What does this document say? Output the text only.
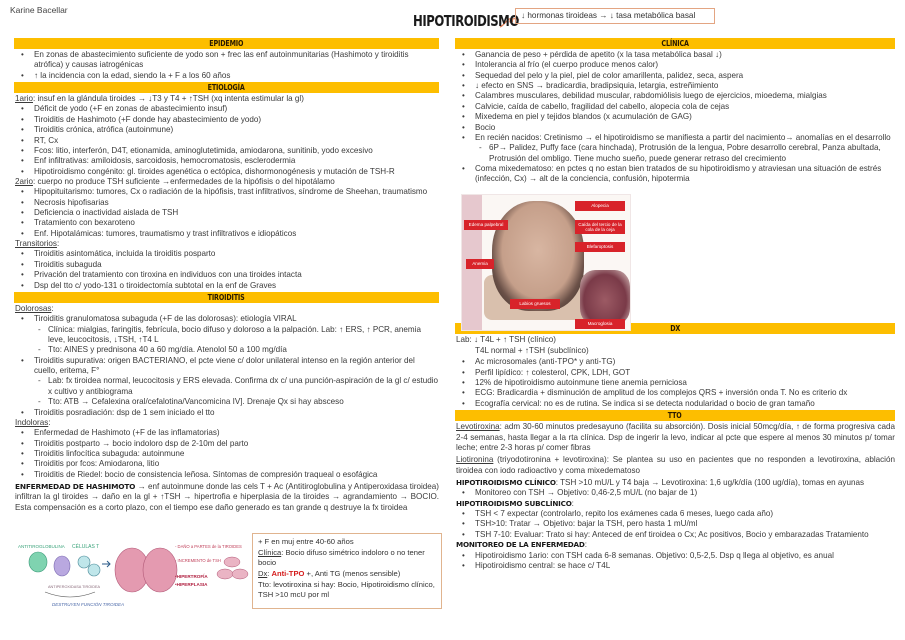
Karine Bacellar
HIPOTIROIDISMO ↓ hormonas tiroideas → ↓ tasa metabólica basal
EPIDEMIO
• En zonas de abastecimiento suficiente de yodo son + frec las enf autoinmunitarias (Hashimoto y tiroiditis atrófica) y causas iatrogénicas
• ↑ la incidencia con la edad, siendo la + F a los 60 años
ETIOLOGÍA
1ario: insuf en la glándula tiroides → ↓T3 y T4 + ↑TSH (xq intenta estimular la gl)
• Déficit de yodo (+F en zonas de abastecimiento insuf)
• Tiroiditis de Hashimoto (+F donde hay abastecimiento de yodo)
• Tiroiditis crónica, atrófica (autoinmune)
• RT, Cx
• Fcos: litio, interferón, D4T, etionamida, aminoglutetimida, amiodarona, sunitinib, yodo excesivo
• Enf infiltrativas: amiloidosis, sarcoidosis, hemocromatosis, esclerodermia
• Hipotiroidismo congénito: gl. tiroides agenética o ectópica, dishormonogénesis y mutación de TSH-R
2ario: cuerpo no produce TSH suficiente →enfermedades de la hipófisis o del hipotálamo
• Hipopituitarismo: tumores, Cx o radiación de la hipófisis, trast infiltrativos, síndrome de Sheehan, traumatismo
• Necrosis hipofisarias
• Deficiencia o inactividad aislada de TSH
• Tratamiento con bexaroteno
• Enf. Hipotalámicas: tumores, traumatismo y trast infiltrativos e idiopáticos
Transitorios:
• Tiroiditis asintomática, incluida la tiroiditis posparto
• Tiroiditis subaguda
• Privación del tratamiento con tiroxina en individuos con una tiroides intacta
• Dsp del tto c/ yodo-131 o tiroidectomía subtotal en la enf de Graves
TIROIDITIS
Dolorosas:
• Tiroiditis granulomatosa subaguda (+F de las dolorosas): etiología VIRAL
- Clínica: mialgias, faringitis, febrícula, bocio difuso y doloroso a la palpación. Lab: ↑ ERS, ↑ PCR, anemia leve, leucocitosis, ↓TSH, ↑T4 L
- Tto: AINES y prednisona 40 a 60 mg/día. Atenolol 50 a 100 mg/día
• Tiroiditis supurativa: origen BACTERIANO, el pcte viene c/ dolor unilateral intenso en la región anterior del cuello, eritema, F°
- Lab: fx tiroidea normal, leucocitosis y ERS elevada. Confirma dx c/ una punción-aspiración de la gl c/ estudio x cultivo y antibiograma
- Tto: ATB → Cefalexina oral/cefalotina/Vancomicina IV]. Drenaje Qx si hay absceso
• Tiroiditis posradiación: dsp de 1 sem iniciado el tto
Indoloras:
• Enfermedad de Hashimoto (+F de las inflamatorias)
• Tiroiditis postparto → bocio indoloro dsp de 2-10m del parto
• Tiroiditis linfocítica subaguda: autoinmune
• Tiroiditis por fcos: Amiodarona, litio
• Tiroiditis de Riedel: bocio de consistencia leñosa. Síntomas de compresión traqueal o esofágica
ENFERMEDAD DE HASHIMOTO → enf autoinmune donde las cels T + Ac (Antitiroglobulina y Antiperoxidasa tiroidea) infiltran la gl tiroides → daño en la gl + ↑TSH → hipertrofia e hiperplasia de la tiroides → agrandamiento → BOCIO. Esta compensación es a corto plazo, con el tiempo ese daño generado es tan grande q destruye la fx tiroidea
ANTITIROGLOBULINA CÉLULAS T
ANTIPEROXIDASA TIROIDEA
DESTRUYEN FUNCIÓN TIROIDEA
- DAÑO a PARTES de la TIROIDES
- INCREMENTO de TSH
•HIPERTROFÍA
•HIPERPLASIA
+ F en muj entre 40-60 años
Clínica: Bocio difuso simétrico indoloro o no tener bocio
Dx: Anti-TPO +, Anti TG (menos sensible)
Tto: levotiroxina si hay: Bocio, Hipotiroidismo clínico, TSH >10 mcU por ml
CLÍNICA
• Ganancia de peso + pérdida de apetito (x la tasa metabólica basal ↓)
• Intolerancia al frío (el cuerpo produce menos calor)
• Sequedad del pelo y la piel, piel de color amarillenta, palidez, seca, aspera
• ↓ efecto en SNS → bradicardia, bradipsiquia, letargia, estreñimiento
• Calambres musculares, debilidad muscular, rabdomiólisis luego de ejercicios, mioedema, mialgias
• Calvicie, caída de cabello, fragilidad del cabello, alopecia cola de cejas
• Mixedema en piel y tejidos blandos (x acumulación de GAG)
• Bocio
• En recién nacidos: Cretinismo → el hipotiroidismo se manifiesta a partir del nacimiento→ anomalías en el desarrollo
- 6P→ Palidez, Puffy face (cara hinchada), Protrusión de la lengua, Pobre desarrollo cerebral, Panza abultada, Protrusión del ombligo. Tiene mucho sueño, puede generar retraso del crecimiento
• Coma mixedematoso: en pctes q no estan bien tratados de su hipotiroidismo y atraviesan una situación de estrés (infección, Cx) → alt de la conciencia, confusión, hipotermia
Alopecia
Edema palpebral	Caída del tercio de la cola de la ceja
Blefaroptosis
Anemia
Labios gruesos
Macroglosia	DX
Lab: ↓ T4L + ↑ TSH (clínico)
T4L normal + ↑TSH (subclínico)
• Ac microsomales (anti-TPO* y anti-TG)
• Perfil lipídico: ↑ colesterol, CPK, LDH, GOT
• 12% de hipotiroidismo autoinmune tiene anemia perniciosa
• ECG: Bradicardia + disminución de amplitud de los complejos QRS + inversión onda T. No es criterio dx
• Ecografía cervical: no es de rutina. Se indica si se detecta nodularidad o bocio de gran tamaño
TTO
Levotiroxina: adm 30-60 minutos predesayuno (facilita su absorción). Dosis inicial 50mcg/día, ↑ de forma progresiva cada 2-4 semanas, hasta llegar a la rta clínica. Dsp de ingerir la levo, indicar al pcte que espere al menos 30 minutos p/ tomar leche; entre 2-3 horas p/ comer fibras
Liotironina (triyodotironina + levotiroxina): Se plantea su uso en pacientes que no responden a levotiroxina, ablación tiroidea con iodo radioactivo y coma mixedematoso
HIPOTIROIDISMO CLÍNICO: TSH >10 mU/L y T4 baja → Levotiroxina: 1,6 ug/k/día (100 ug/día), tomas en ayunas
• Monitoreo con TSH → Objetivo: 0,46-2,5 mU/L (no bajar de 1)
HIPOTIROIDISMO SUBCLÍNICO:
• TSH < 7 expectar (controlarlo, repito los exámenes cada 6 meses, luego cada año)
• TSH>10: Tratar → Objetivo: bajar la TSH, pero hasta 1 mU/ml
• TSH 7-10: Evaluar: Trato si hay: Anteced de enf tiroidea o Cx; Ac positivos, Bocio y embarazadas Tratamiento
MONITOREO DE LA ENFERMEDAD:
• Hipotiroidismo 1ario: con TSH cada 6-8 semanas. Objetivo: 0,5-2,5. Dsp q llega al objetivo, es anual
• Hipotiroidismo central: se hace c/ T4L
